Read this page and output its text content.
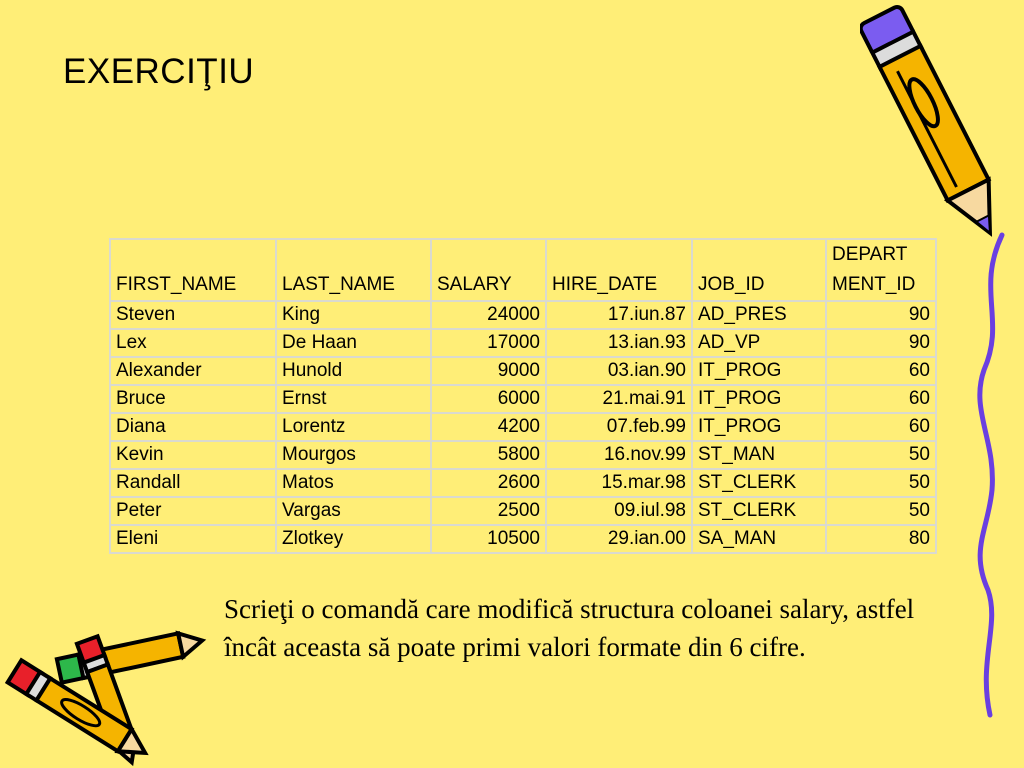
EXERCIŢIU
FIRST_NAME	LAST_NAME	SALARY	HIRE_DATE	JOB_ID	DEPART MENT_ID
Steven	King	24000	17.iun.87	AD_PRES	90
Lex	De Haan	17000	13.ian.93	AD_VP	90
Alexander	Hunold	9000	03.ian.90	IT_PROG	60
Bruce	Ernst	6000	21.mai.91	IT_PROG	60
Diana	Lorentz	4200	07.feb.99	IT_PROG	60
Kevin	Mourgos	5800	16.nov.99	ST_MAN	50
Randall	Matos	2600	15.mar.98	ST_CLERK	50
Peter	Vargas	2500	09.iul.98	ST_CLERK	50
Eleni	Zlotkey	10500	29.ian.00	SA_MAN	80
Scrieţi o comandă care modifică structura coloanei salary, astfel încât aceasta să poate primi valori formate din 6 cifre.
